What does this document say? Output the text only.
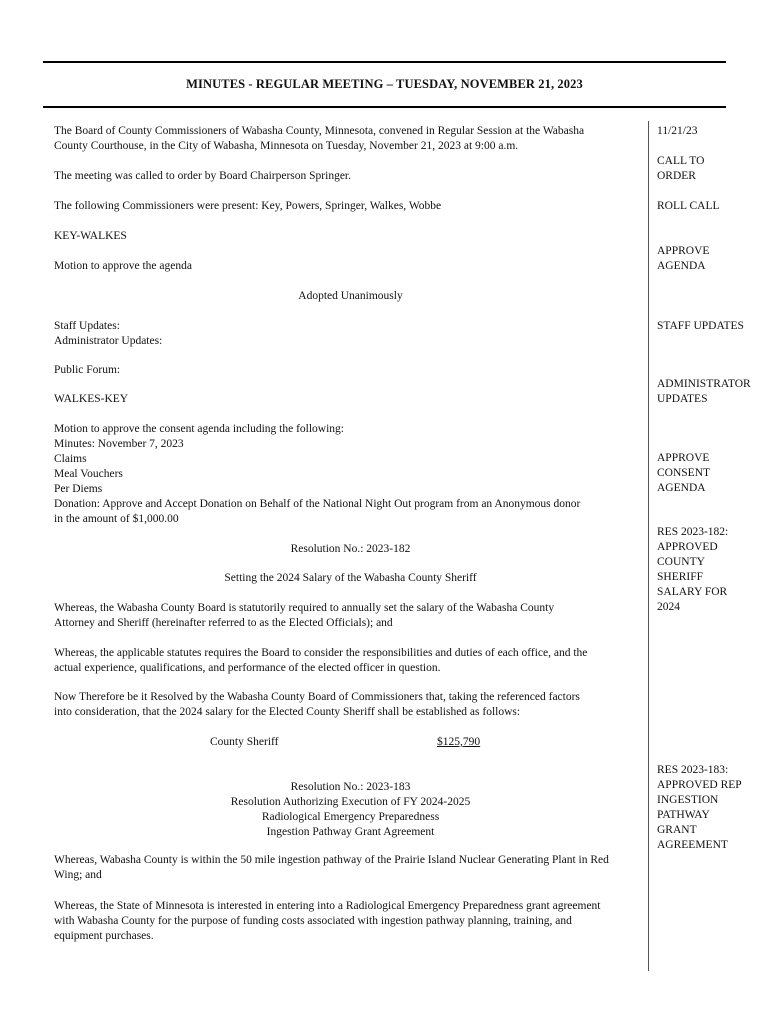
MINUTES - REGULAR MEETING – TUESDAY, NOVEMBER 21, 2023
The Board of County Commissioners of Wabasha County, Minnesota, convened in Regular Session at the Wabasha
County Courthouse, in the City of Wabasha, Minnesota on Tuesday, November 21, 2023 at 9:00 a.m.
The meeting was called to order by Board Chairperson Springer.
The following Commissioners were present: Key, Powers, Springer, Walkes, Wobbe
KEY-WALKES
Motion to approve the agenda
Adopted Unanimously
Staff Updates:
Administrator Updates:
Public Forum:
WALKES-KEY
Motion to approve the consent agenda including the following:
Minutes: November 7, 2023
Claims
Meal Vouchers
Per Diems
Donation: Approve and Accept Donation on Behalf of the National Night Out program from an Anonymous donor
in the amount of $1,000.00
Resolution No.: 2023-182
Setting the 2024 Salary of the Wabasha County Sheriff
Whereas, the Wabasha County Board is statutorily required to annually set the salary of the Wabasha County
Attorney and Sheriff (hereinafter referred to as the Elected Officials); and
Whereas, the applicable statutes requires the Board to consider the responsibilities and duties of each office, and the
actual experience, qualifications, and performance of the elected officer in question.
Now Therefore be it Resolved by the Wabasha County Board of Commissioners that, taking the referenced factors
into consideration, that the 2024 salary for the Elected County Sheriff shall be established as follows:
County Sheriff	$125,790
Resolution No.: 2023-183
Resolution Authorizing Execution of FY 2024-2025
Radiological Emergency Preparedness
Ingestion Pathway Grant Agreement
Whereas, Wabasha County is within the 50 mile ingestion pathway of the Prairie Island Nuclear Generating Plant in Red
Wing; and
Whereas, the State of Minnesota is interested in entering into a Radiological Emergency Preparedness grant agreement
with Wabasha County for the purpose of funding costs associated with ingestion pathway planning, training, and
equipment purchases.
11/21/23
CALL TO
ORDER
ROLL CALL
APPROVE
AGENDA
STAFF UPDATES
ADMINISTRATOR
UPDATES
APPROVE
CONSENT
AGENDA
RES 2023-182:
APPROVED
COUNTY
SHERIFF
SALARY FOR
2024
RES 2023-183:
APPROVED REP
INGESTION
PATHWAY
GRANT
AGREEMENT
